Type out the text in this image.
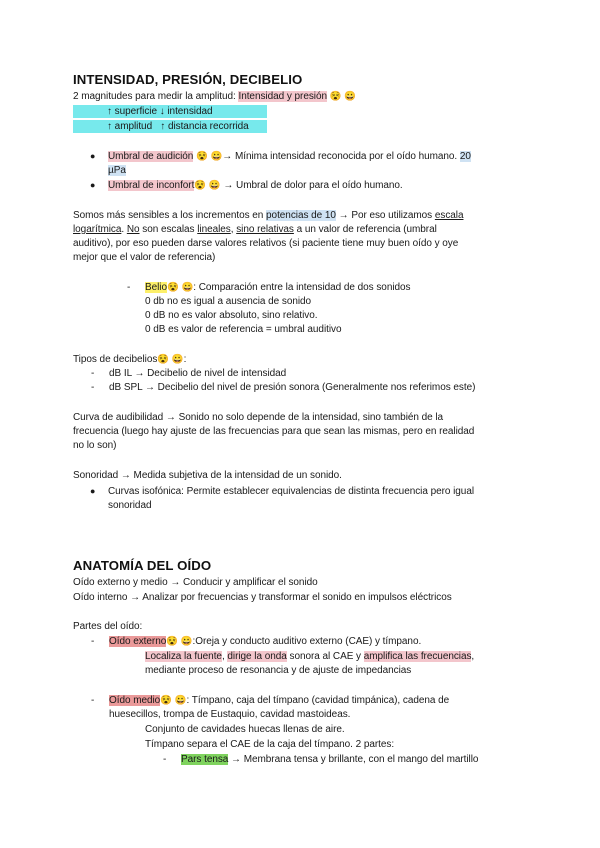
INTENSIDAD, PRESIÓN, DECIBELIO
2 magnitudes para medir la amplitud: Intensidad y presión 😵 😀
↑ superficie ↓ intensidad
↑ amplitud   ↑ distancia recorrida
● Umbral de audición 😵 😀→ Mínima intensidad reconocida por el oído humano. 20
µPa
● Umbral de inconfort😵 😀 → Umbral de dolor para el oído humano.
Somos más sensibles a los incrementos en potencias de 10 → Por eso utilizamos escala
logarítmica. No son escalas lineales, sino relativas a un valor de referencia (umbral
auditivo), por eso pueden darse valores relativos (si paciente tiene muy buen oído y oye
mejor que el valor de referencia)
- Belio😵 😀: Comparación entre la intensidad de dos sonidos
0 db no es igual a ausencia de sonido
0 dB no es valor absoluto, sino relativo.
0 dB es valor de referencia = umbral auditivo
Tipos de decibelios😵 😀:
- dB IL → Decibelio de nivel de intensidad
- dB SPL → Decibelio del nivel de presión sonora (Generalmente nos referimos este)
Curva de audibilidad → Sonido no solo depende de la intensidad, sino también de la
frecuencia (luego hay ajuste de las frecuencias para que sean las mismas, pero en realidad
no lo son)
Sonoridad → Medida subjetiva de la intensidad de un sonido.
● Curvas isofónica: Permite establecer equivalencias de distinta frecuencia pero igual
sonoridad
ANATOMÍA DEL OÍDO
Oído externo y medio → Conducir y amplificar el sonido
Oído interno → Analizar por frecuencias y transformar el sonido en impulsos eléctricos
Partes del oído:
- Oído externo😵 😀:Oreja y conducto auditivo externo (CAE) y tímpano.
Localiza la fuente, dirige la onda sonora al CAE y amplifica las frecuencias,
mediante proceso de resonancia y de ajuste de impedancias
- Oído medio😵 😀: Tímpano, caja del tímpano (cavidad timpánica), cadena de
huesecillos, trompa de Eustaquio, cavidad mastoideas.
Conjunto de cavidades huecas llenas de aire.
Tímpano separa el CAE de la caja del tímpano. 2 partes:
- Pars tensa → Membrana tensa y brillante, con el mango del martillo
